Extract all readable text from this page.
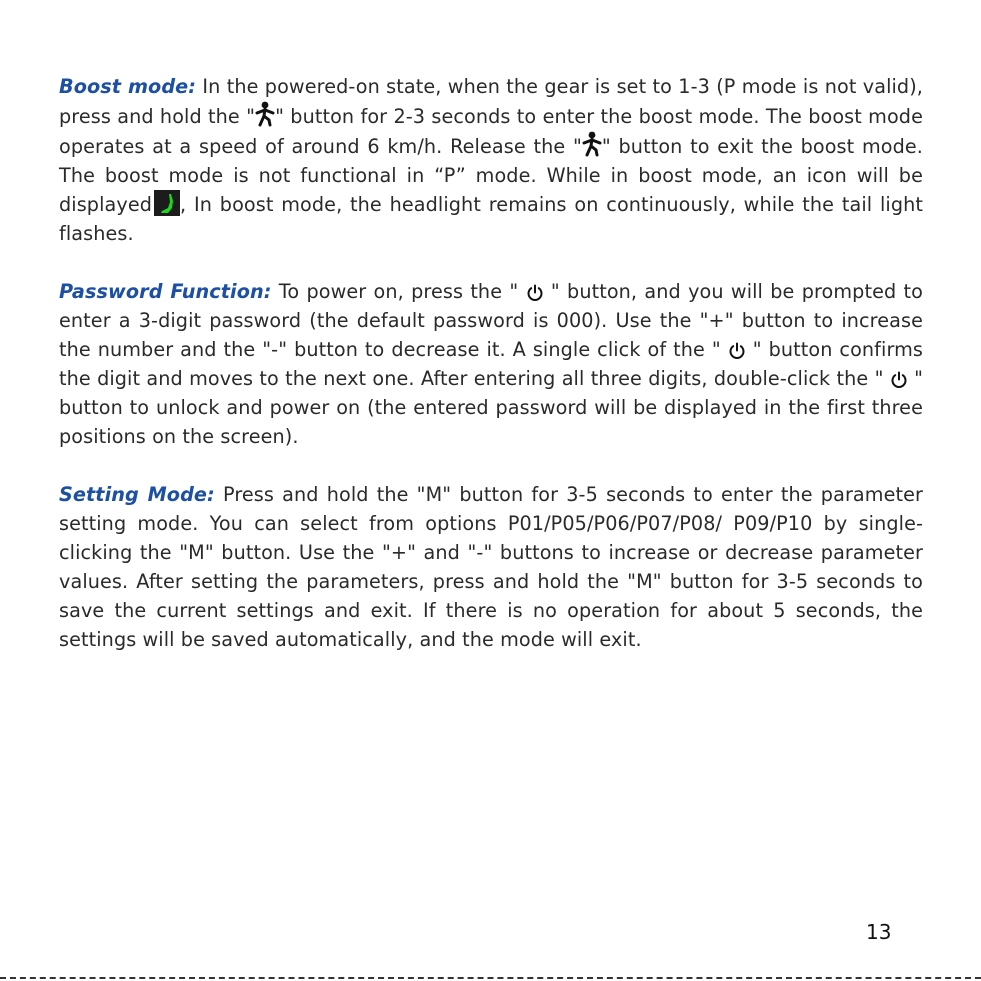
Boost mode: In the powered-on state, when the gear is set to 1-3 (P mode is not valid), press and hold the " " button for 2-3 seconds to enter the boost mode. The boost mode operates at a speed of around 6 km/h. Release the " " button to exit the boost mode. The boost mode is not functional in “P” mode. While in boost mode, an icon will be displayed , In boost mode, the headlight remains on continuously, while the tail light flashes.

Password Function: To power on, press the "
" button, and you will be prompted to enter a 3-digit password (the default password is 000). Use the "+" button to increase the number and the "-" button to decrease it. A single click of the "
" button confirms the digit and moves to the next one. After entering all three digits, double-click the "
" button to unlock and power on (the entered password will be displayed in the first three positions on the screen).

Setting Mode: Press and hold the "M" button for 3-5 seconds to enter the parameter setting mode. You can select from options P01/P05/P06/P07/P08/ P09/P10 by single-clicking the "M" button. Use the "+" and "-" buttons to increase or decrease parameter values. After setting the parameters, press and hold the "M" button for 3-5 seconds to save the current settings and exit. If there is no operation for about 5 seconds, the settings will be saved automatically, and the mode will exit.

13
